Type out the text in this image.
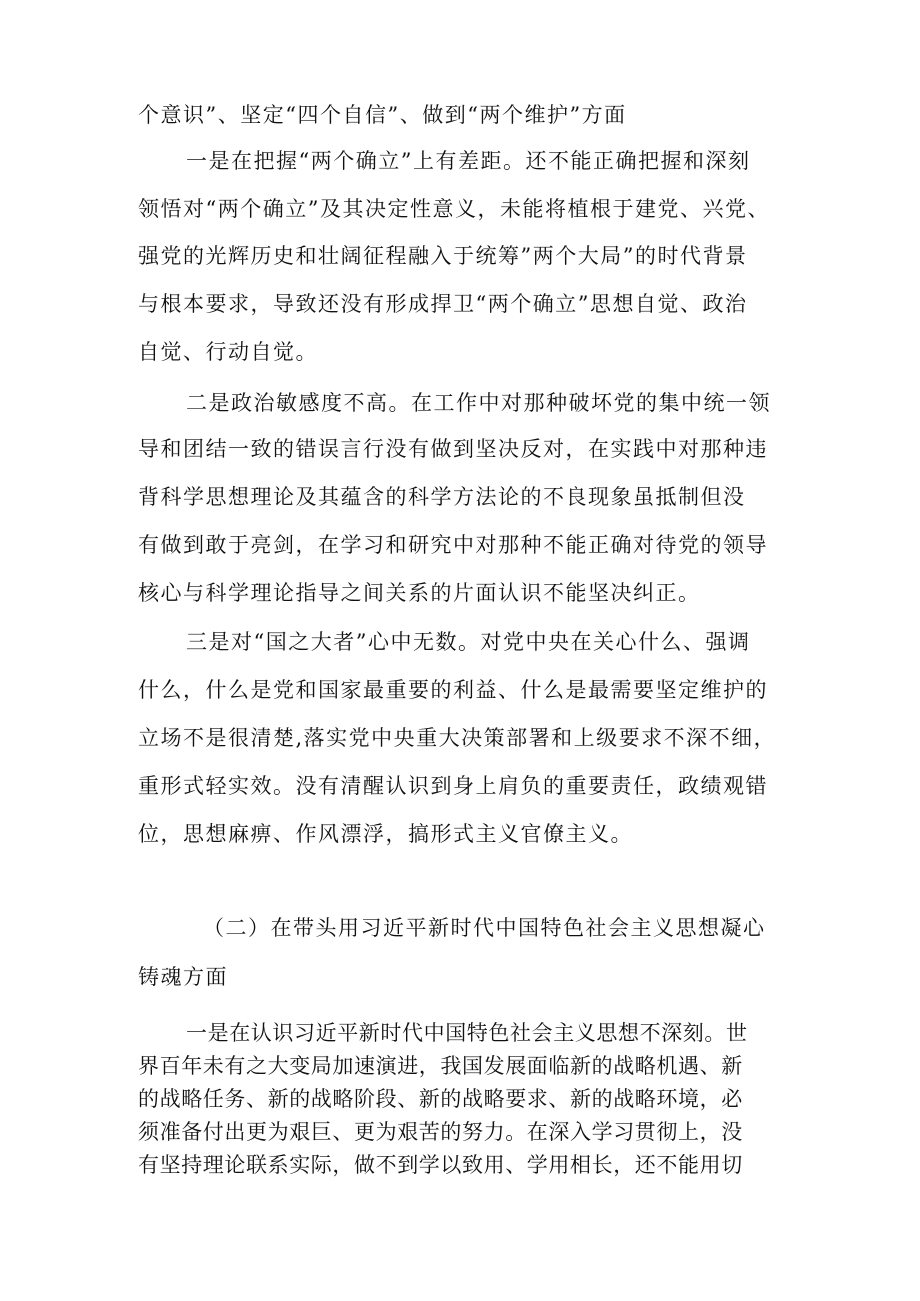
个意识”、坚定“四个自信”、做到“两个维护”方面
一是在把握“两个确立”上有差距。还不能正确把握和深刻
领悟对“两个确立”及其决定性意义，未能将植根于建党、兴党、
强党的光辉历史和壮阔征程融入于统筹”两个大局”的时代背景
与根本要求，导致还没有形成捍卫“两个确立”思想自觉、政治
自觉、行动自觉。
二是政治敏感度不高。在工作中对那种破坏党的集中统一领
导和团结一致的错误言行没有做到坚决反对，在实践中对那种违
背科学思想理论及其蕴含的科学方法论的不良现象虽抵制但没
有做到敢于亮剑，在学习和研究中对那种不能正确对待党的领导
核心与科学理论指导之间关系的片面认识不能坚决纠正。
三是对“国之大者”心中无数。对党中央在关心什么、强调
什么，什么是党和国家最重要的利益、什么是最需要坚定维护的
立场不是很清楚,落实党中央重大决策部署和上级要求不深不细，
重形式轻实效。没有清醒认识到身上肩负的重要责任，政绩观错
位，思想麻痹、作风漂浮，搞形式主义官僚主义。
（二）在带头用习近平新时代中国特色社会主义思想凝心
铸魂方面
一是在认识习近平新时代中国特色社会主义思想不深刻。世
界百年未有之大变局加速演进，我国发展面临新的战略机遇、新
的战略任务、新的战略阶段、新的战略要求、新的战略环境，必
须准备付出更为艰巨、更为艰苦的努力。在深入学习贯彻上，没
有坚持理论联系实际，做不到学以致用、学用相长，还不能用切
